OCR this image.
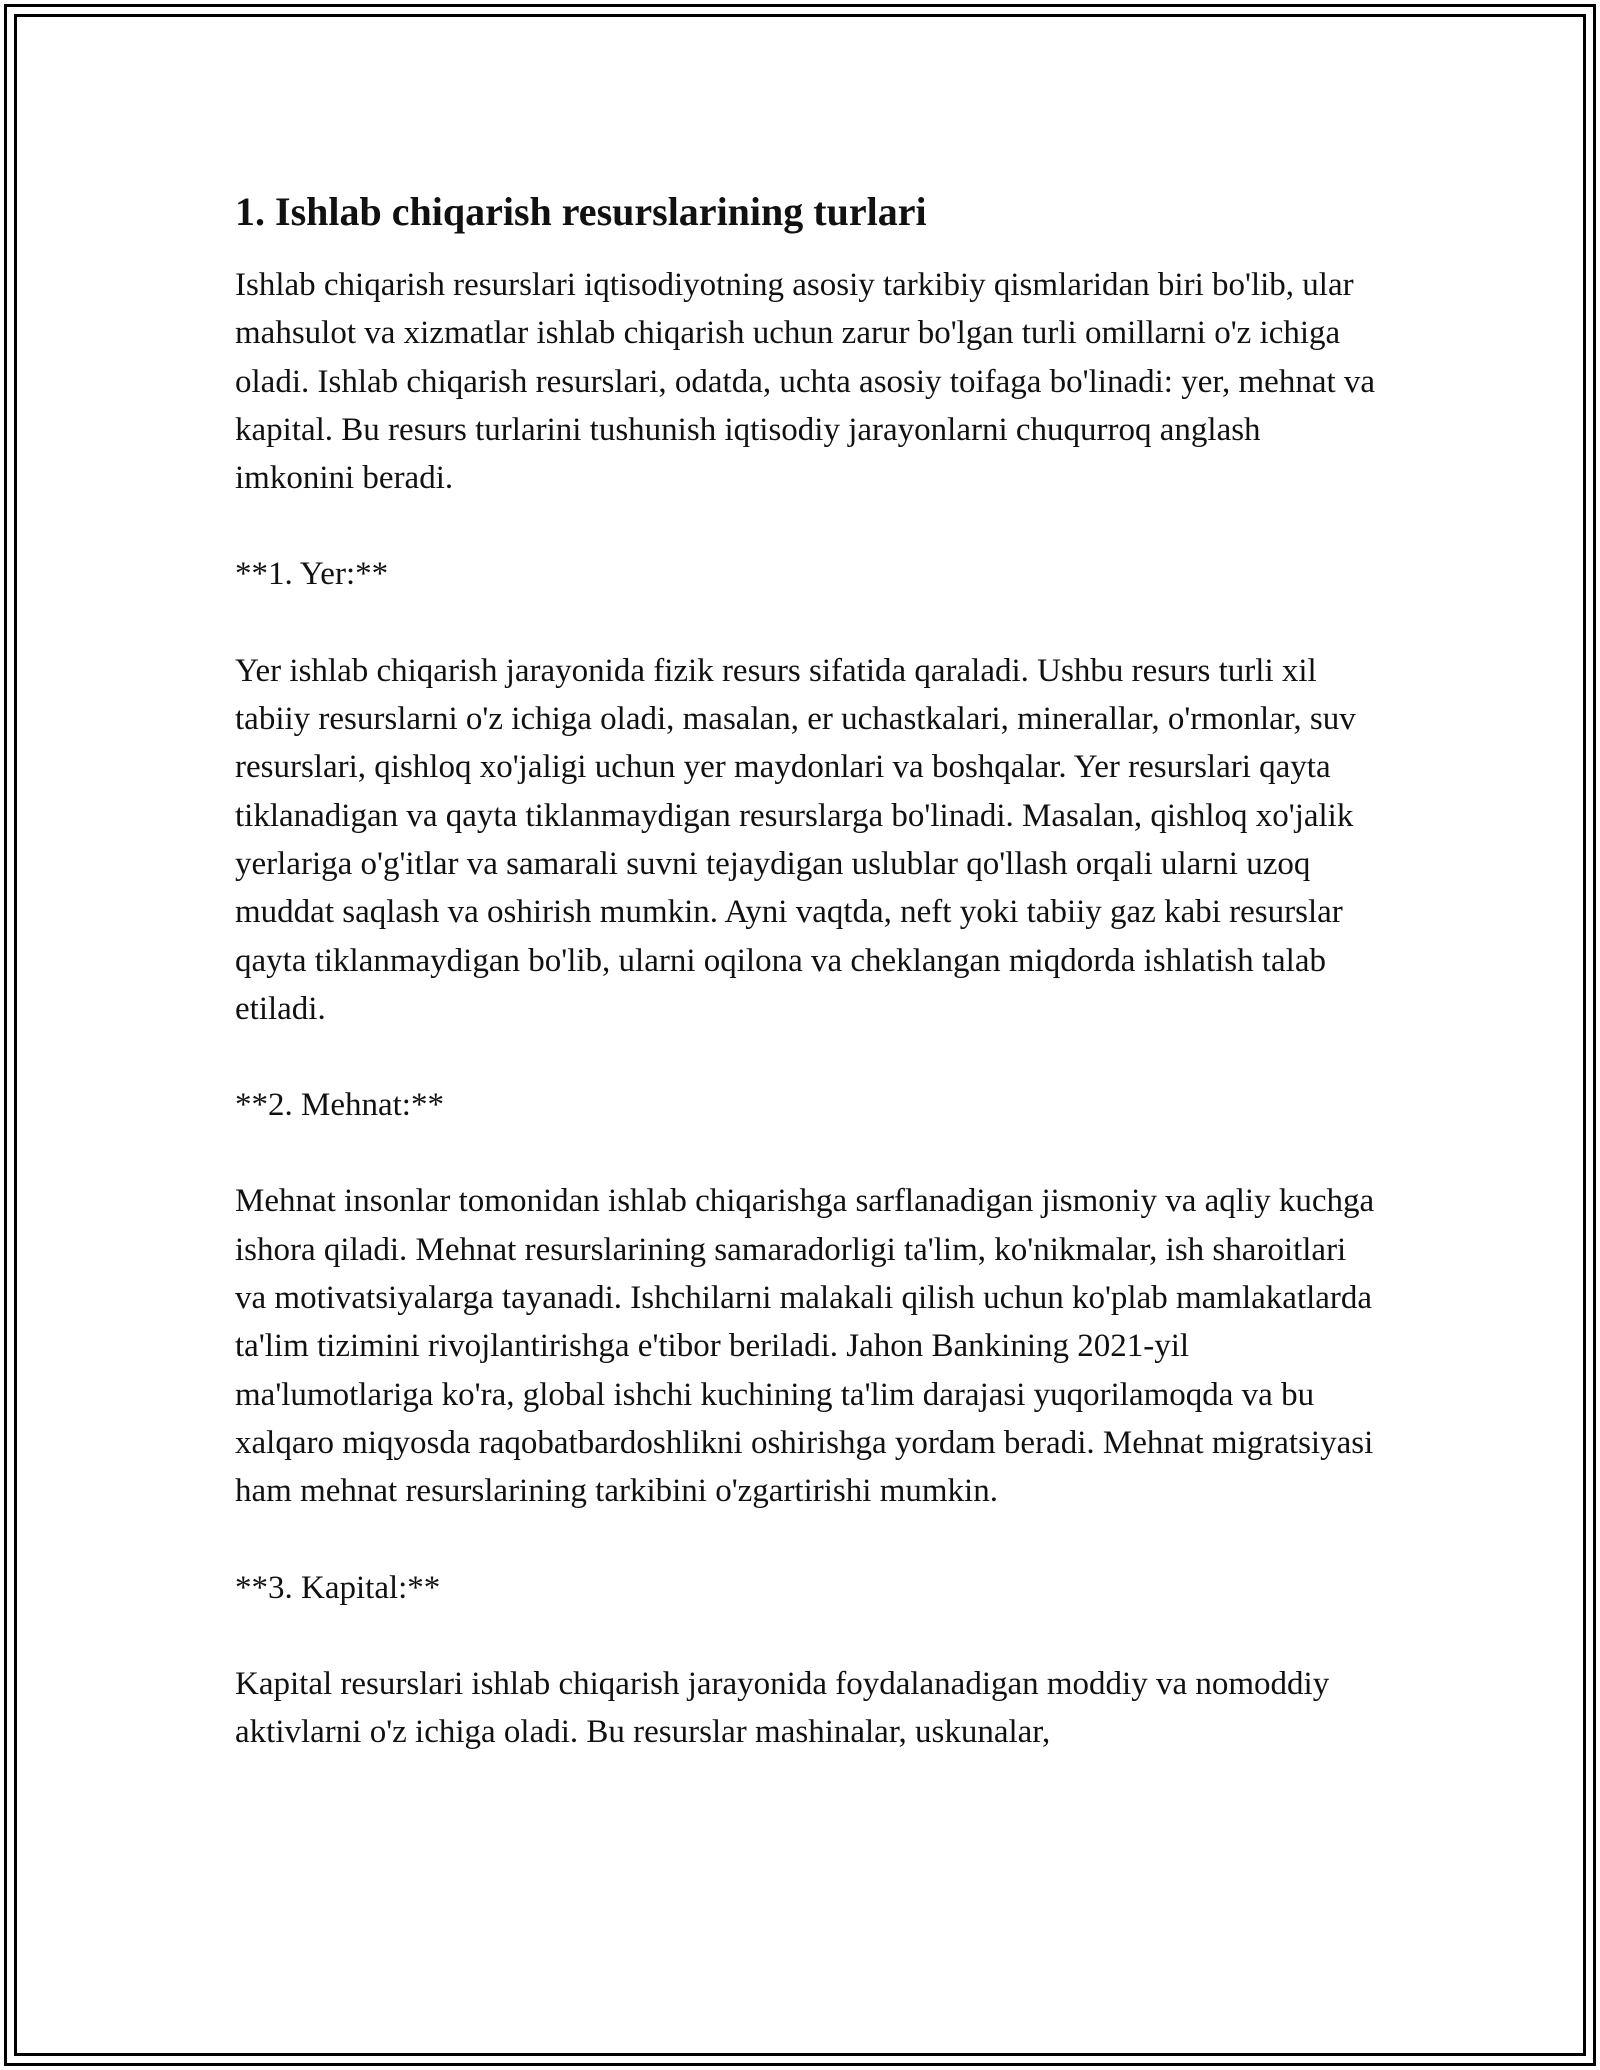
1. Ishlab chiqarish resurslarining turlari

Ishlab chiqarish resurslari iqtisodiyotning asosiy tarkibiy qismlaridan biri bo'lib, ular mahsulot va xizmatlar ishlab chiqarish uchun zarur bo'lgan turli omillarni o'z ichiga oladi. Ishlab chiqarish resurslari, odatda, uchta asosiy toifaga bo'linadi: yer, mehnat va kapital. Bu resurs turlarini tushunish iqtisodiy jarayonlarni chuqurroq anglash imkonini beradi.

**1. Yer:**

Yer ishlab chiqarish jarayonida fizik resurs sifatida qaraladi. Ushbu resurs turli xil tabiiy resurslarni o'z ichiga oladi, masalan, er uchastkalari, minerallar, o'rmonlar, suv resurslari, qishloq xo'jaligi uchun yer maydonlari va boshqalar. Yer resurslari qayta tiklanadigan va qayta tiklanmaydigan resurslarga bo'linadi. Masalan, qishloq xo'jalik yerlariga o'g'itlar va samarali suvni tejaydigan uslublar qo'llash orqali ularni uzoq muddat saqlash va oshirish mumkin. Ayni vaqtda, neft yoki tabiiy gaz kabi resurslar qayta tiklanmaydigan bo'lib, ularni oqilona va cheklangan miqdorda ishlatish talab etiladi.

**2. Mehnat:**

Mehnat insonlar tomonidan ishlab chiqarishga sarflanadigan jismoniy va aqliy kuchga ishora qiladi. Mehnat resurslarining samaradorligi ta'lim, ko'nikmalar, ish sharoitlari va motivatsiyalarga tayanadi. Ishchilarni malakali qilish uchun ko'plab mamlakatlarda ta'lim tizimini rivojlantirishga e'tibor beriladi. Jahon Bankining 2021-yil ma'lumotlariga ko'ra, global ishchi kuchining ta'lim darajasi yuqorilamoqda va bu xalqaro miqyosda raqobatbardoshlikni oshirishga yordam beradi. Mehnat migratsiyasi ham mehnat resurslarining tarkibini o'zgartirishi mumkin.

**3. Kapital:**

Kapital resurslari ishlab chiqarish jarayonida foydalanadigan moddiy va nomoddiy aktivlarni o'z ichiga oladi. Bu resurslar mashinalar, uskunalar,
